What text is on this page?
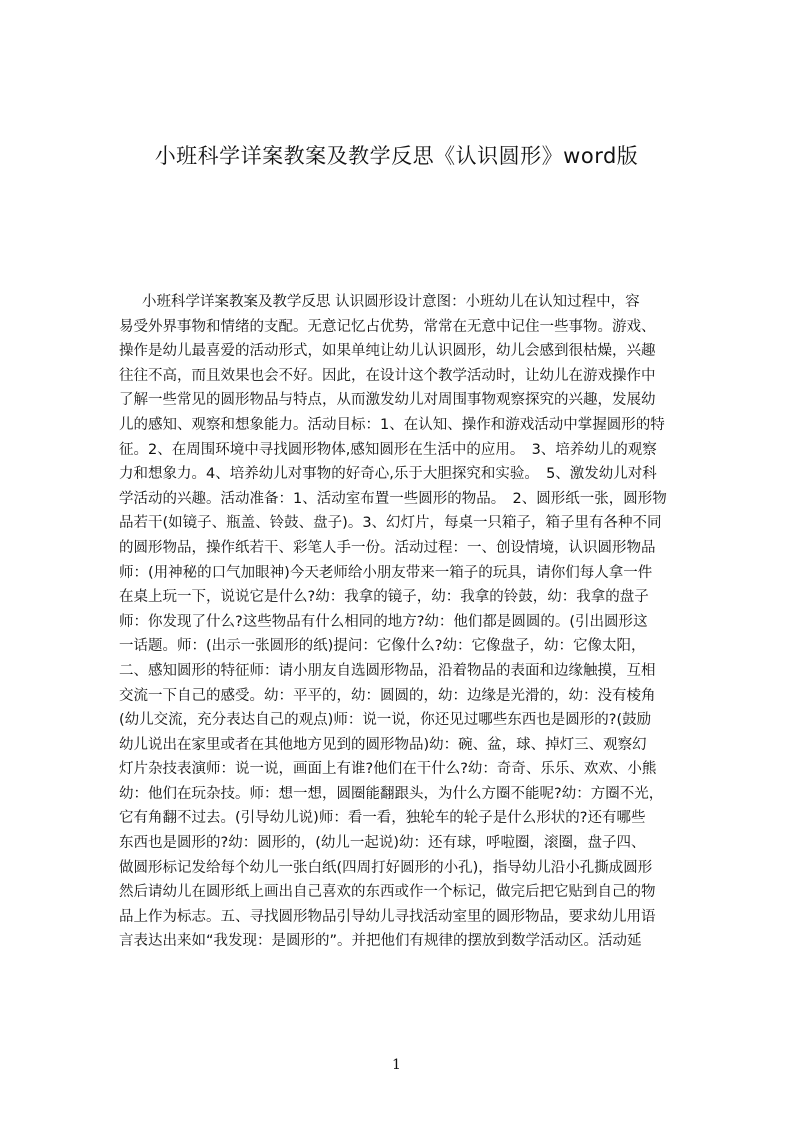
小班科学详案教案及教学反思《认识圆形》word版
小班科学详案教案及教学反思 认识圆形设计意图：小班幼儿在认知过程中，容
易受外界事物和情绪的支配。无意记忆占优势，常常在无意中记住一些事物。游戏、
操作是幼儿最喜爱的活动形式，如果单纯让幼儿认识圆形，幼儿会感到很枯燥，兴趣
往往不高，而且效果也会不好。因此，在设计这个教学活动时，让幼儿在游戏操作中
了解一些常见的圆形物品与特点，从而激发幼儿对周围事物观察探究的兴趣，发展幼
儿的感知、观察和想象能力。活动目标：1、在认知、操作和游戏活动中掌握圆形的特
征。2、在周围环境中寻找圆形物体,感知圆形在生活中的应用。　3、培养幼儿的观察
力和想象力。4、培养幼儿对事物的好奇心,乐于大胆探究和实验。　5、激发幼儿对科
学活动的兴趣。活动准备：1、活动室布置一些圆形的物品。　2、圆形纸一张，圆形物
品若干(如镜子、瓶盖、铃鼓、盘子)。3、幻灯片，每桌一只箱子，箱子里有各种不同
的圆形物品，操作纸若干、彩笔人手一份。活动过程：一、创设情境，认识圆形物品
师：(用神秘的口气加眼神)今天老师给小朋友带来一箱子的玩具，请你们每人拿一件
在桌上玩一下，说说它是什么?幼：我拿的镜子，幼：我拿的铃鼓，幼：我拿的盘子
师：你发现了什么?这些物品有什么相同的地方?幼：他们都是圆圆的。(引出圆形这
一话题。师：(出示一张圆形的纸)提问：它像什么?幼：它像盘子，幼：它像太阳，
二、感知圆形的特征师：请小朋友自选圆形物品，沿着物品的表面和边缘触摸，互相
交流一下自己的感受。幼：平平的，幼：圆圆的，幼：边缘是光滑的，幼：没有棱角
(幼儿交流，充分表达自己的观点)师：说一说，你还见过哪些东西也是圆形的?(鼓励
幼儿说出在家里或者在其他地方见到的圆形物品)幼：碗、盆，球、掉灯三、观察幻
灯片杂技表演师：说一说，画面上有谁?他们在干什么?幼：奇奇、乐乐、欢欢、小熊
幼：他们在玩杂技。师：想一想，圆圈能翻跟头，为什么方圈不能呢?幼：方圈不光，
它有角翻不过去。(引导幼儿说)师：看一看，独轮车的轮子是什么形状的?还有哪些
东西也是圆形的?幼：圆形的，(幼儿一起说)幼：还有球，呼啦圈，滚圈，盘子四、
做圆形标记发给每个幼儿一张白纸(四周打好圆形的小孔)，指导幼儿沿小孔撕成圆形
然后请幼儿在圆形纸上画出自己喜欢的东西或作一个标记，做完后把它贴到自己的物
品上作为标志。五、寻找圆形物品引导幼儿寻找活动室里的圆形物品，要求幼儿用语
言表达出来如“我发现：是圆形的”。并把他们有规律的摆放到数学活动区。活动延
1
